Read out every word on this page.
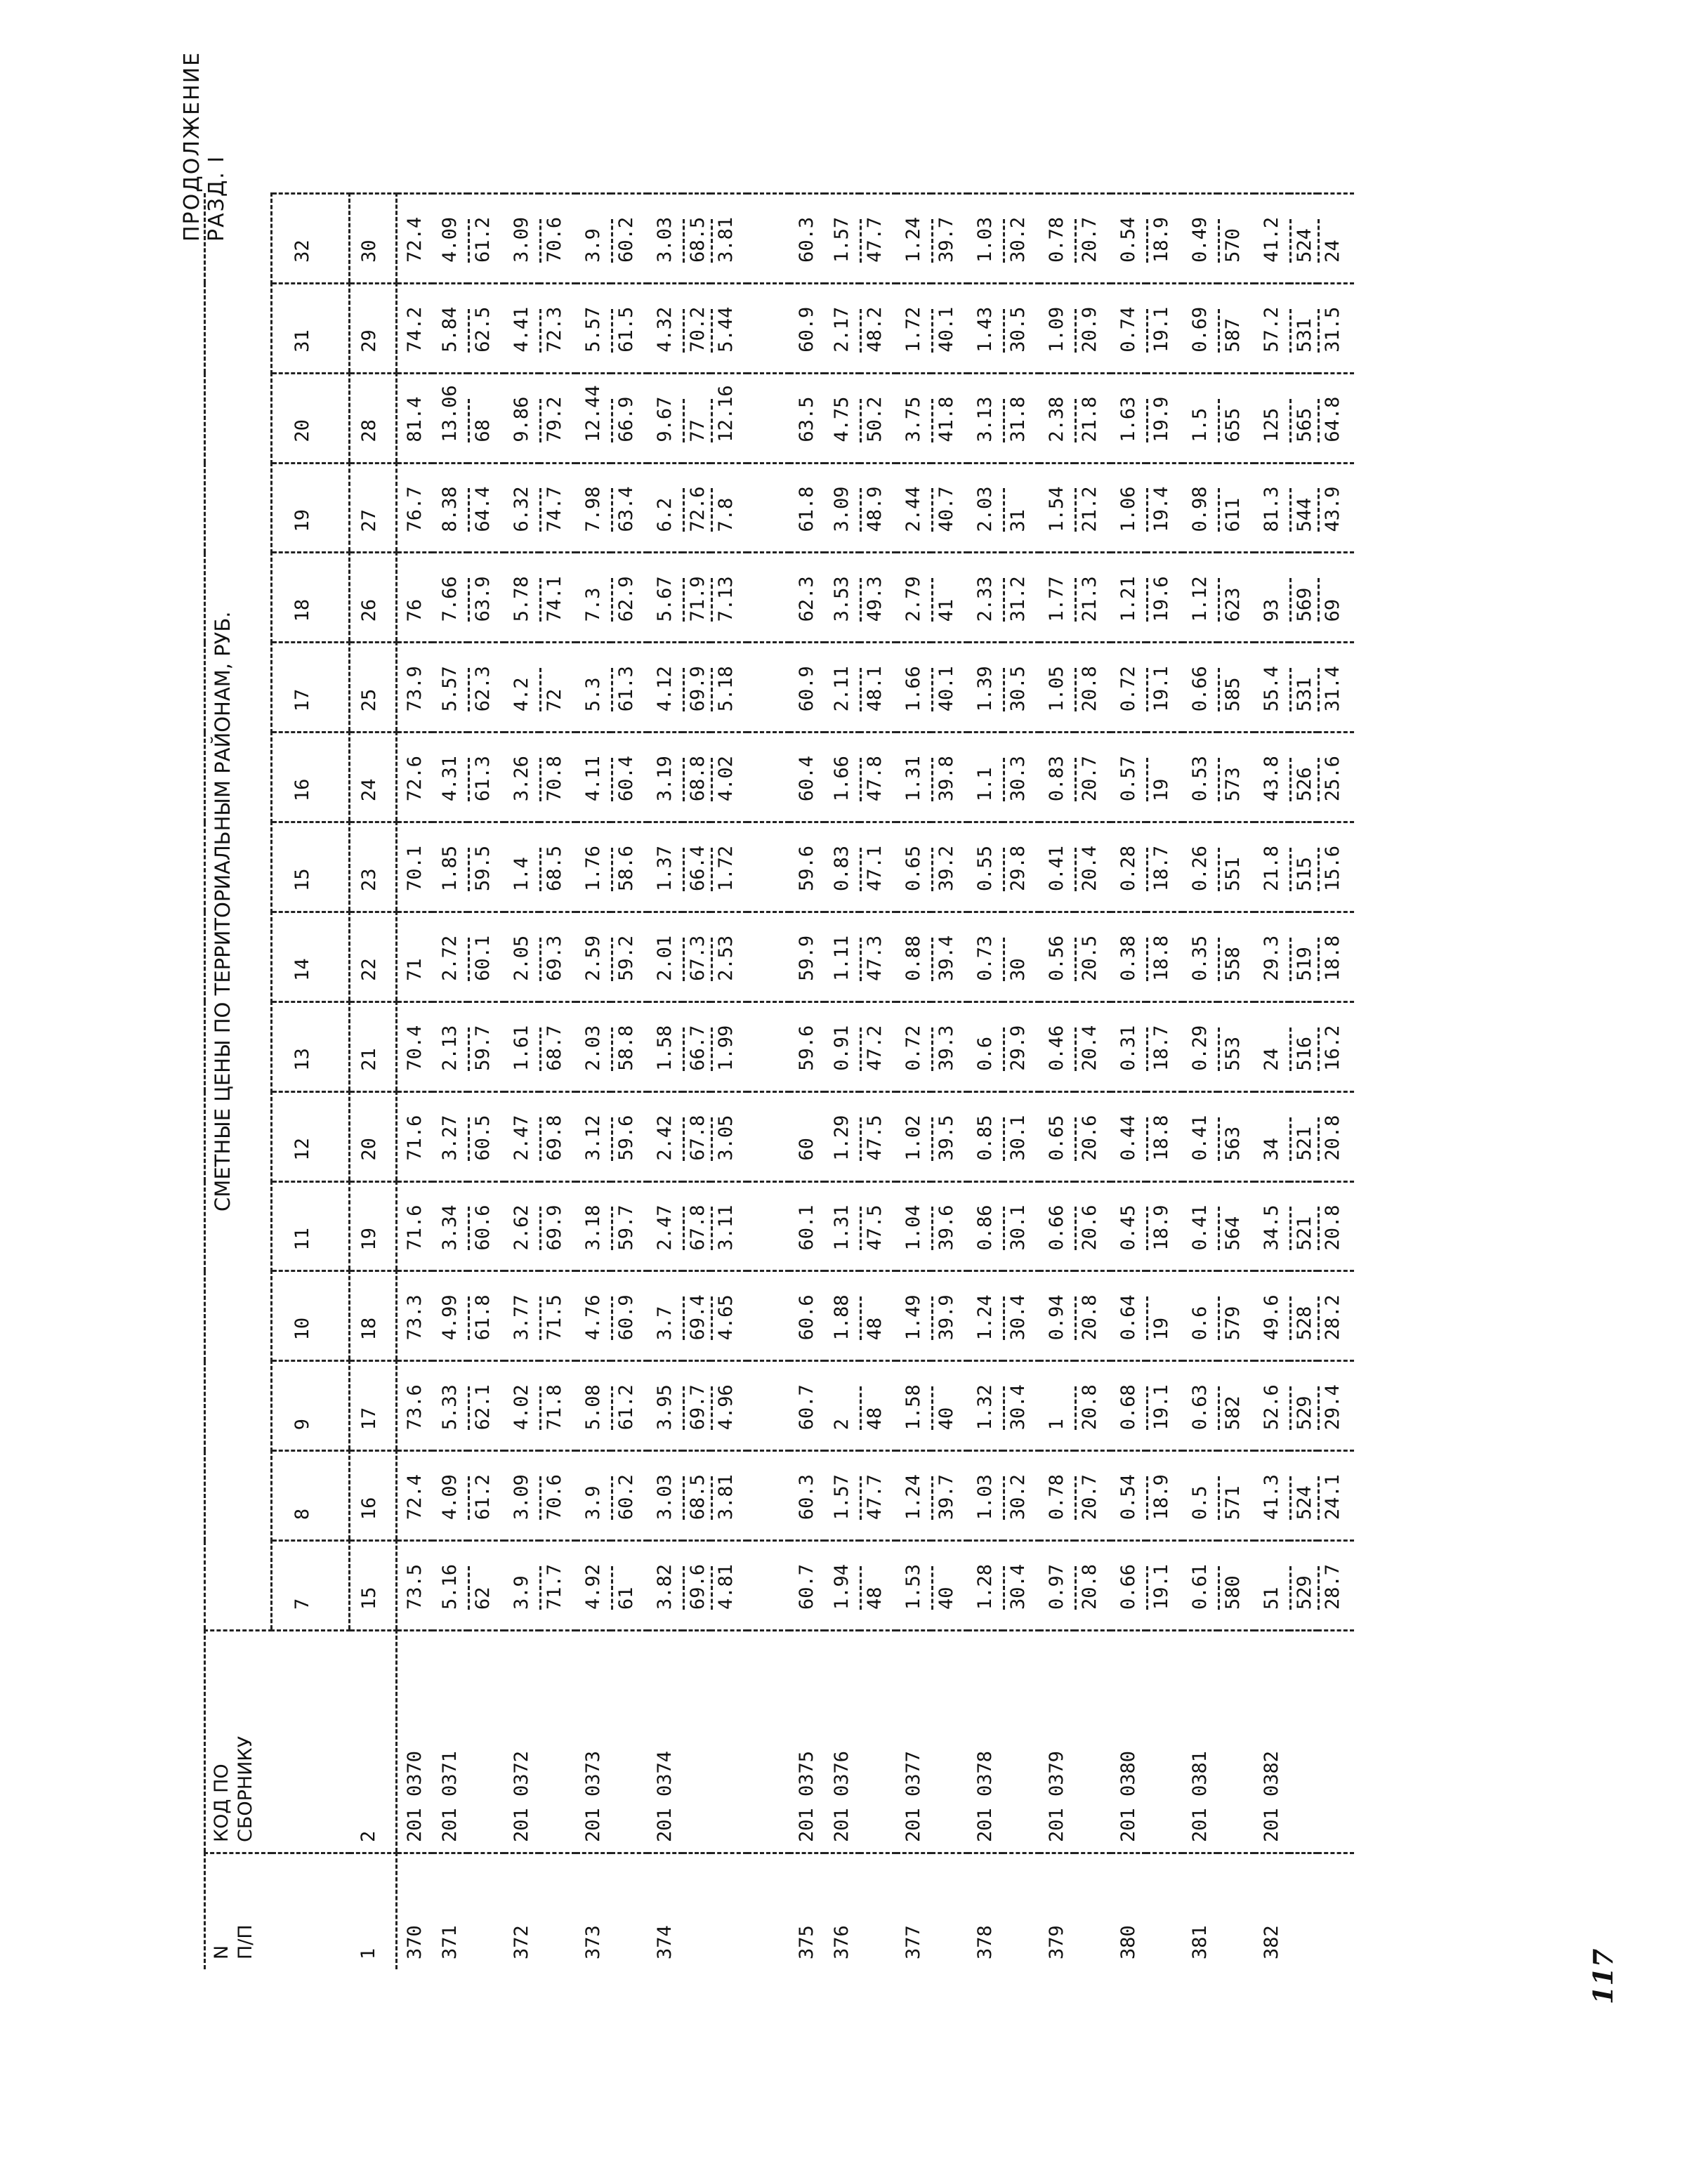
ПРОДОЛЖЕНИЕ РАЗД. I
N
П/П	КОД ПО
СБОРНИКУ	СМЕТНЫЕ ЦЕНЫ ПО ТЕРРИТОРИАЛЬНЫМ РАЙОНАМ, РУБ.															
		7	8	9	10	11	12	13	14	15	16	17	18	19	20	31	32
1	2	15	16	17	18	19	20	21	22	23	24	25	26	27	28	29	30
370	201 0370	73.5	72.4	73.6	73.3	71.6	71.6	70.4	71	70.1	72.6	73.9	76	76.7	81.4	74.2	72.4
371	201 0371	5.16	4.09	5.33	4.99	3.34	3.27	2.13	2.72	1.85	4.31	5.57	7.66	8.38	13.06	5.84	4.09

62	61.2	62.1	61.8	60.6	60.5	59.7	60.1	59.5	61.3	62.3	63.9	64.4	68	62.5	61.2
372	201 0372	3.9	3.09	4.02	3.77	2.62	2.47	1.61	2.05	1.4	3.26	4.2	5.78	6.32	9.86	4.41	3.09

71.7	70.6	71.8	71.5	69.9	69.8	68.7	69.3	68.5	70.8	72	74.1	74.7	79.2	72.3	70.6
373	201 0373	4.92	3.9	5.08	4.76	3.18	3.12	2.03	2.59	1.76	4.11	5.3	7.3	7.98	12.44	5.57	3.9

61	60.2	61.2	60.9	59.7	59.6	58.8	59.2	58.6	60.4	61.3	62.9	63.4	66.9	61.5	60.2
374	201 0374	3.82	3.03	3.95	3.7	2.47	2.42	1.58	2.01	1.37	3.19	4.12	5.67	6.2	9.67	4.32	3.03

69.6	68.5	69.7	69.4	67.8	67.8	66.7	67.3	66.4	68.8	69.9	71.9	72.6	77	70.2	68.5

4.81	3.81	4.96	4.65	3.11	3.05	1.99	2.53	1.72	4.02	5.18	7.13	7.8	12.16	5.44	3.81

375	201 0375	60.7	60.3	60.7	60.6	60.1	60	59.6	59.9	59.6	60.4	60.9	62.3	61.8	63.5	60.9	60.3
376	201 0376	1.94	1.57	2	1.88	1.31	1.29	0.91	1.11	0.83	1.66	2.11	3.53	3.09	4.75	2.17	1.57

48	47.7	48	48	47.5	47.5	47.2	47.3	47.1	47.8	48.1	49.3	48.9	50.2	48.2	47.7
377	201 0377	1.53	1.24	1.58	1.49	1.04	1.02	0.72	0.88	0.65	1.31	1.66	2.79	2.44	3.75	1.72	1.24

40	39.7	40	39.9	39.6	39.5	39.3	39.4	39.2	39.8	40.1	41	40.7	41.8	40.1	39.7
378	201 0378	1.28	1.03	1.32	1.24	0.86	0.85	0.6	0.73	0.55	1.1	1.39	2.33	2.03	3.13	1.43	1.03

30.4	30.2	30.4	30.4	30.1	30.1	29.9	30	29.8	30.3	30.5	31.2	31	31.8	30.5	30.2
379	201 0379	0.97	0.78	1	0.94	0.66	0.65	0.46	0.56	0.41	0.83	1.05	1.77	1.54	2.38	1.09	0.78

20.8	20.7	20.8	20.8	20.6	20.6	20.4	20.5	20.4	20.7	20.8	21.3	21.2	21.8	20.9	20.7
380	201 0380	0.66	0.54	0.68	0.64	0.45	0.44	0.31	0.38	0.28	0.57	0.72	1.21	1.06	1.63	0.74	0.54

19.1	18.9	19.1	19	18.9	18.8	18.7	18.8	18.7	19	19.1	19.6	19.4	19.9	19.1	18.9
381	201 0381	0.61	0.5	0.63	0.6	0.41	0.41	0.29	0.35	0.26	0.53	0.66	1.12	0.98	1.5	0.69	0.49

580	571	582	579	564	563	553	558	551	573	585	623	611	655	587	570
382	201 0382	51	41.3	52.6	49.6	34.5	34	24	29.3	21.8	43.8	55.4	93	81.3	125	57.2	41.2

529	524	529	528	521	521	516	519	515	526	531	569	544	565	531	524

28.7	24.1	29.4	28.2	20.8	20.8	16.2	18.8	15.6	25.6	31.4	69	43.9	64.8	31.5	24
117
